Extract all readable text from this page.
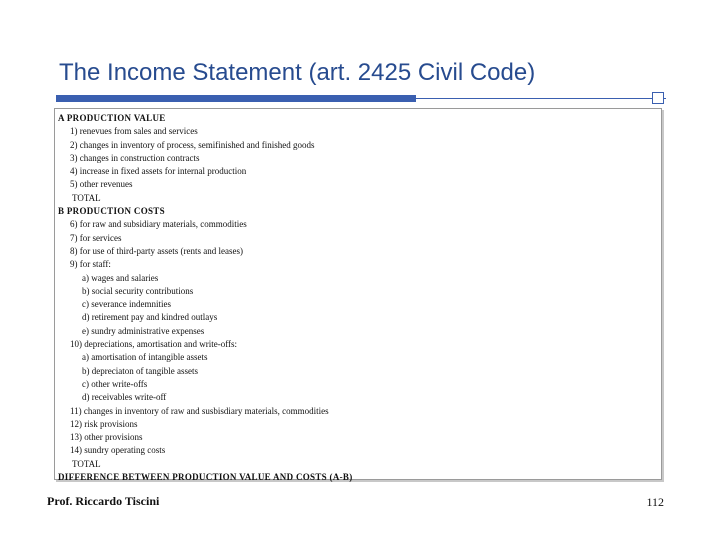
The Income Statement (art. 2425 Civil Code)
A PRODUCTION VALUE
1) renevues from sales and services
2) changes in inventory of process, semifinished and finished goods
3) changes in construction contracts
4) increase in fixed assets for internal production
5) other revenues
TOTAL
B PRODUCTION COSTS
6) for raw and subsidiary materials, commodities
7) for services
8) for use of third-party assets (rents and leases)
9) for staff:
a) wages and salaries
b) social security contributions
c) severance indemnities
d) retirement pay and kindred outlays
e) sundry administrative expenses
10) depreciations, amortisation and write-offs:
a) amortisation of intangible assets
b) depreciaton of tangible assets
c) other write-offs
d) receivables write-off
11) changes in inventory of raw and susbisdiary materials, commodities
12) risk provisions
13) other provisions
14) sundry operating costs
TOTAL
DIFFERENCE BETWEEN PRODUCTION VALUE AND COSTS (A-B)
Prof. Riccardo Tiscini	112
